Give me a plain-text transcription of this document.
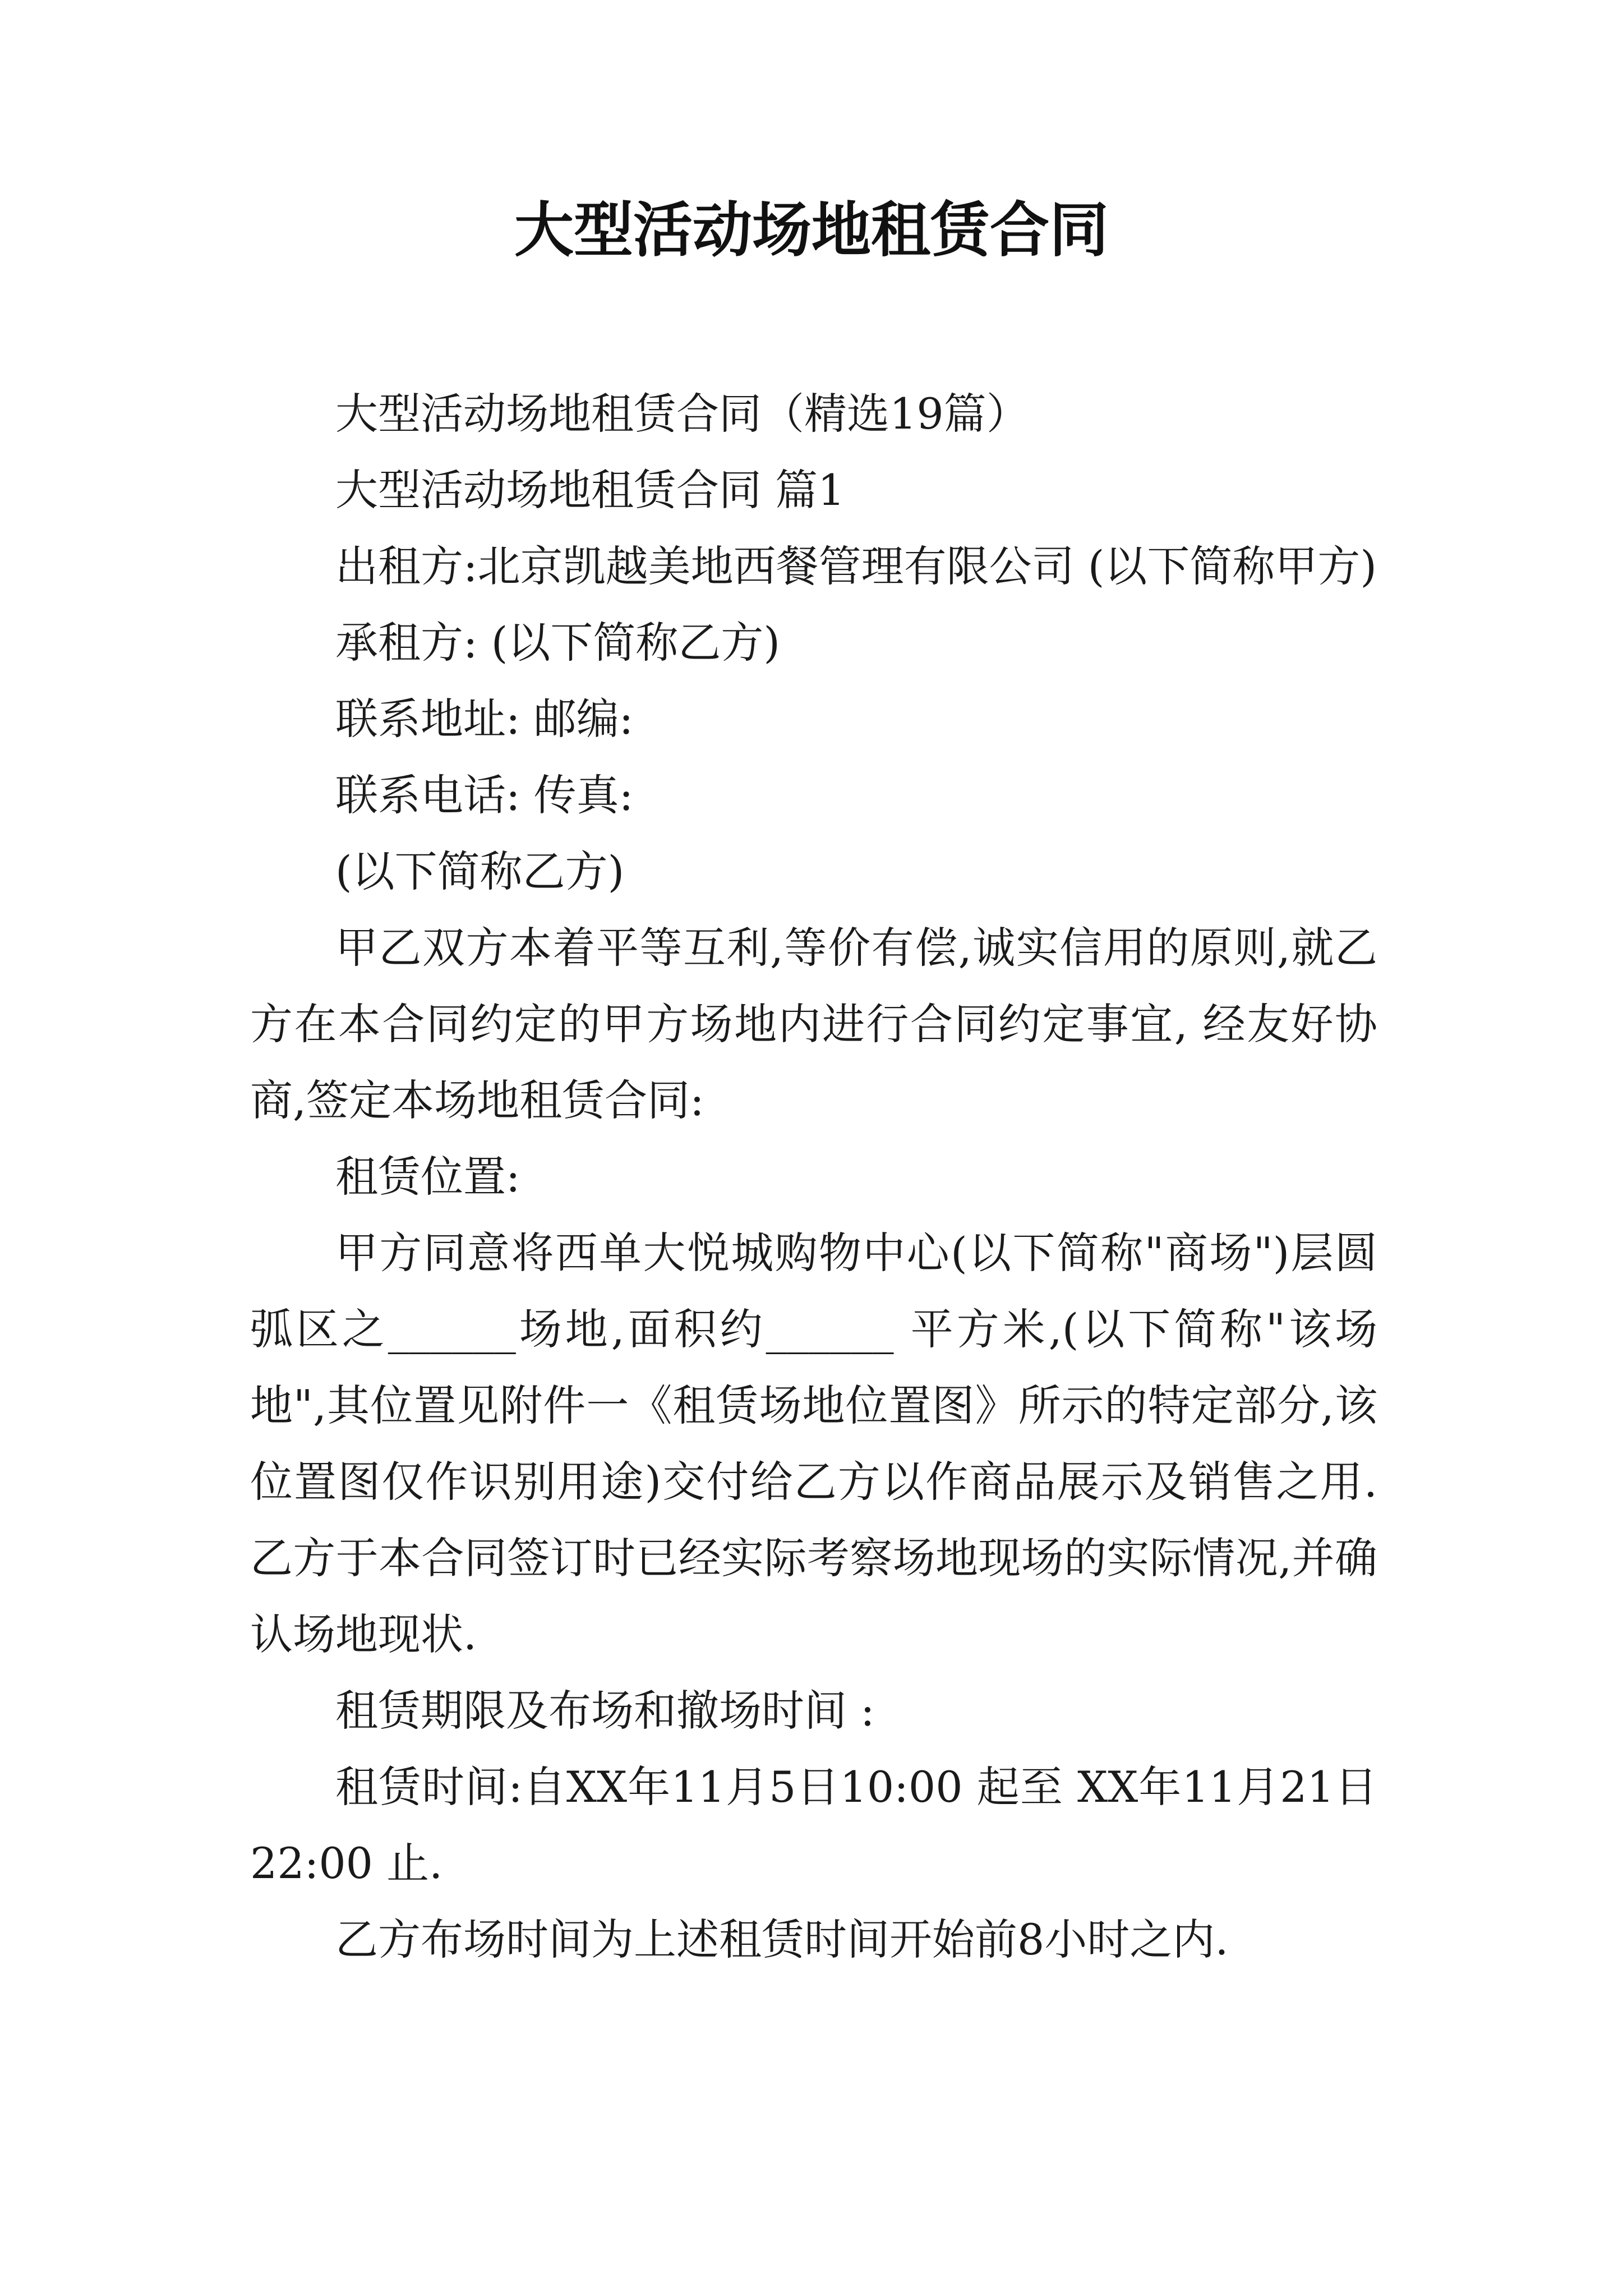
大型活动场地租赁合同

大型活动场地租赁合同（精选19篇）

大型活动场地租赁合同 篇1

出租方:北京凯越美地西餐管理有限公司 (以下简称甲方)

承租方: (以下简称乙方)

联系地址: 邮编:

联系电话: 传真:

(以下简称乙方)

甲乙双方本着平等互利,等价有偿,诚实信用的原则,就乙方在本合同约定的甲方场地内进行合同约定事宜, 经友好协商,签定本场地租赁合同:

租赁位置:

甲方同意将西单大悦城购物中心(以下简称"商场")层圆弧区之______场地,面积约______ 平方米,(以下简称"该场地",其位置见附件一《租赁场地位置图》所示的特定部分,该位置图仅作识别用途)交付给乙方以作商品展示及销售之用.乙方于本合同签订时已经实际考察场地现场的实际情况,并确认场地现状.

租赁期限及布场和撤场时间 :

租赁时间:自XX年11月5日10:00 起至 XX年11月21日22:00 止.

乙方布场时间为上述租赁时间开始前8小时之内.
